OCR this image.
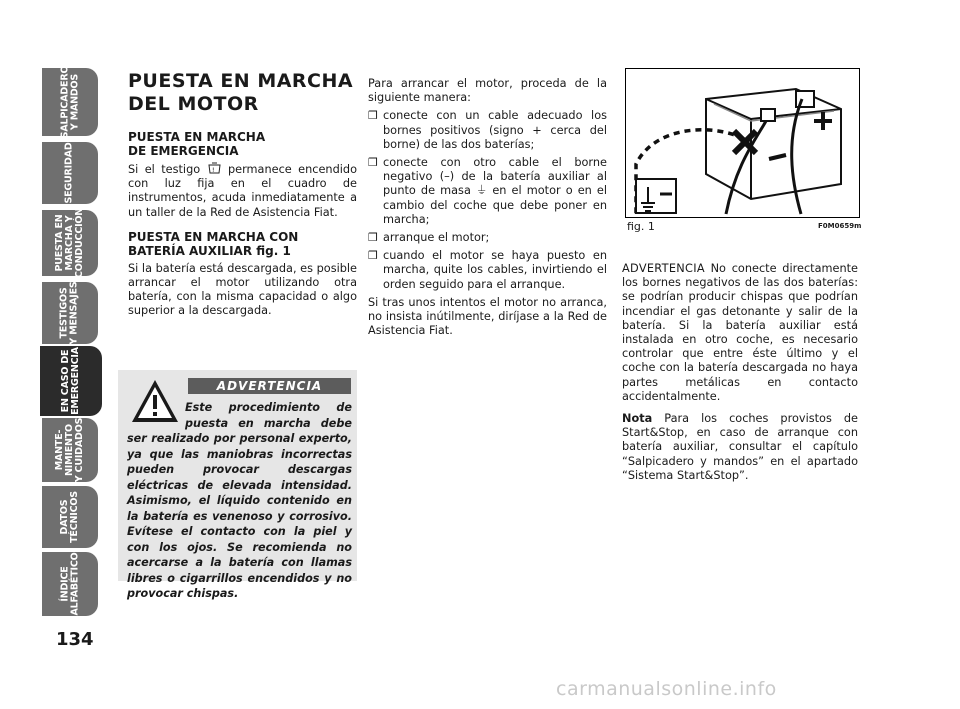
SALPICADERO
Y MANDOS
SEGURIDAD
PUESTA EN
MARCHA Y
CONDUCCIÓN
TESTIGOS
Y MENSAJES
EN CASO DE
EMERGENCIA
MANTE-
NIMIENTO
Y CUIDADOS
DATOS
TÉCNICOS
ÍNDICE
ALFABÉTICO
134
PUESTA EN MARCHA
DEL MOTOR
PUESTA EN MARCHA
DE EMERGENCIA

Si el testigo ! permanece encendido con luz fija en el cuadro de instrumentos, acuda inmediatamente a un taller de la Red de Asistencia Fiat.

PUESTA EN MARCHA CON
BATERÍA AUXILIAR fig. 1

Si la batería está descargada, es posible arrancar el motor utilizando otra batería, con la misma capacidad o algo superior a la descargada.

ADVERTENCIA
Este procedimiento de puesta en marcha debe ser realizado por personal experto, ya que las maniobras incorrectas pueden provocar descargas eléctricas de elevada intensidad. Asimismo, el líquido contenido en la batería es venenoso y corrosivo. Evítese el contacto con la piel y con los ojos. Se recomienda no acercarse a la batería con llamas libres o cigarrillos encendidos y no provocar chispas.

Para arrancar el motor, proceda de la siguiente manera:

❒ conecte con un cable adecuado los bornes positivos (signo + cerca del borne) de las dos baterías;
❒ conecte con otro cable el borne negativo (–) de la batería auxiliar al punto de masa ⏚ en el motor o en el cambio del coche que debe poner en marcha;
❒ arranque el motor;
❒ cuando el motor se haya puesto en marcha, quite los cables, invirtiendo el orden seguido para el arranque.

Si tras unos intentos el motor no arranca, no insista inútilmente, diríjase a la Red de Asistencia Fiat.

fig. 1	F0M0659m

ADVERTENCIA No conecte directamente los bornes negativos de las dos baterías: se podrían producir chispas que podrían incendiar el gas detonante y salir de la batería. Si la batería auxiliar está instalada en otro coche, es necesario controlar que entre éste último y el coche con la batería descargada no haya partes metálicas en contacto accidentalmente.

Nota Para los coches provistos de Start&Stop, en caso de arranque con batería auxiliar, consultar el capítulo “Salpicadero y mandos” en el apartado “Sistema Start&Stop”.

carmanualsonline.info
